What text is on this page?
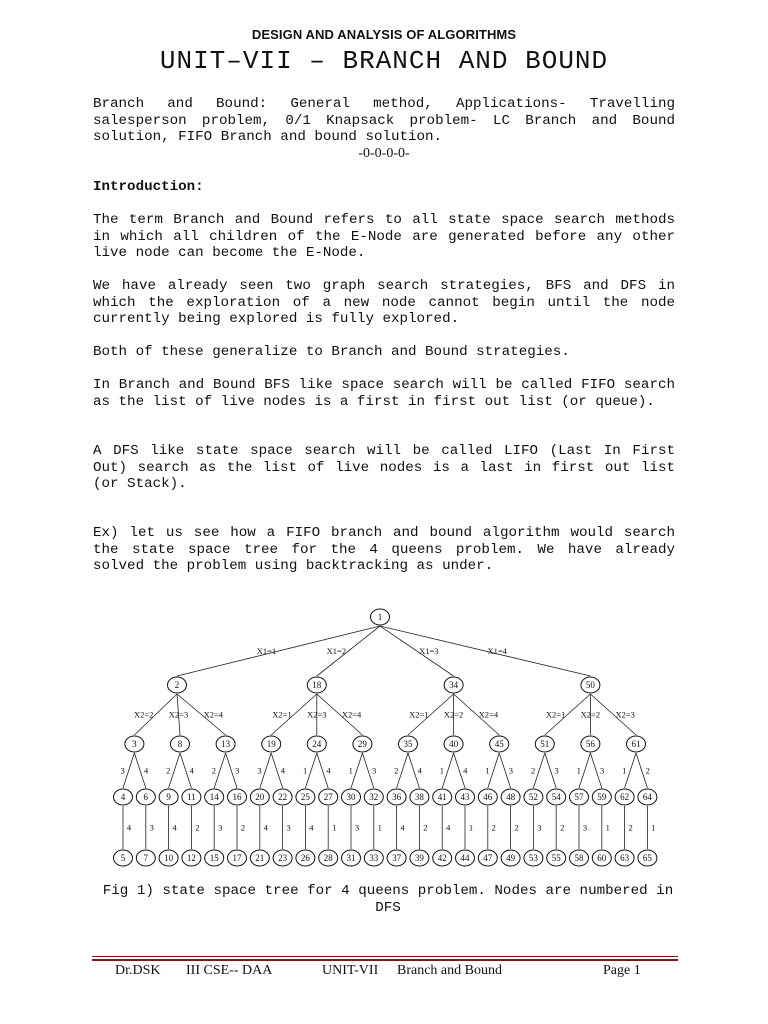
DESIGN AND ANALYSIS OF ALGORITHMS
UNIT–VII – BRANCH AND BOUND

Branch and Bound: General method, Applications- Travelling salesperson problem, 0/1 Knapsack problem- LC Branch and Bound solution, FIFO Branch and bound solution.

-0-0-0-0-

Introduction:

The term Branch and Bound refers to all state space search methods in which all children of the E-Node are generated before any other live node can become the E-Node.

We have already seen two graph search strategies, BFS and DFS in which the exploration of a new node cannot begin until the node currently being explored is fully explored.

Both of these generalize to Branch and Bound strategies.

In Branch and Bound BFS like space search will be called FIFO search as the list of live nodes is a first in first out list (or queue).

A DFS like state space search will be called LIFO (Last In First Out) search as the list of live nodes is a last in first out list (or Stack).

Ex) let us see how a FIFO branch and bound algorithm would search the state space tree for the 4 queens problem. We have already solved the problem using backtracking as under.

X1=1	X1=2	X1=3	X1=4
X2=2 X2=3 X2=4	X2=1 X2=3 X2=4	X2=1 X2=2 X2=4	X2=1 X2=2 X2=3
3 4 2 4 2 3 3 4 1 4 1 3 2 4 1 4 1 3 2 3 1 3 1 2
4 3 4 2 3 2 4 3 4 1 3 1 4 2 4 1 2 2 3 2 3 1 2 1
1
2	18	34	50
3	8	13	19	24	29	35	40	45	51	56	61
4 6 9 11 14 16 20 22 25 27 30 32 36 38 41 43 46 48 52 54 57 59 62 64
5 7 10 12 15 17 21 23 26 28 31 33 37 39 42 44 47 49 53 55 58 60 63 65
Fig 1) state space tree for 4 queens problem. Nodes are numbered in DFS
Dr.DSK III CSE-- DAA	UNIT-VII Branch and Bound	Page 1
